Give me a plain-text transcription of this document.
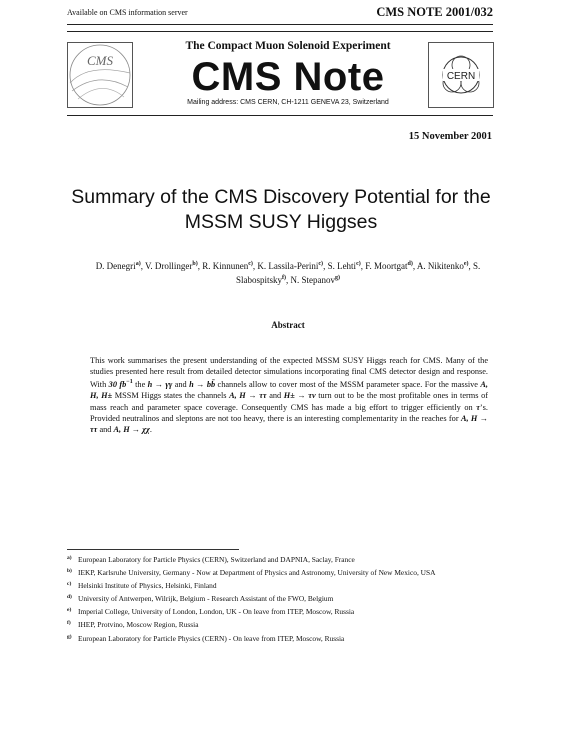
Available on CMS information server	CMS NOTE 2001/032
CMS
CERN
The Compact Muon Solenoid Experiment
CMS Note
Mailing address: CMS CERN, CH-1211 GENEVA 23, Switzerland
15 November 2001
Summary of the CMS Discovery Potential for the
MSSM SUSY Higgses
D. Denegri$^{a)}$, V. Drollinger$^{b)}$, R. Kinnunen$^{c)}$, K. Lassila-Perini$^{c)}$, S. Lehti$^{c)}$, F. Moortgat$^{d)}$, A. Nikitenko$^{e)}$, S. Slabospitsky$^{f)}$, N. Stepanov$^{g)}$
Abstract
This work summarises the present understanding of the expected MSSM SUSY Higgs reach for CMS. Many of the studies presented here result from detailed detector simulations incorporating final CMS detector design and response. With 30 $fb^{-1}$ the h → γγ and h → bb̄ channels allow to cover most of the MSSM parameter space. For the massive A, H, H± MSSM Higgs states the channels A, H → ττ and H± → τν turn out to be the most profitable ones in terms of mass reach and parameter space coverage. Consequently CMS has made a big effort to trigger efficiently on τ’s. Provided neutralinos and sleptons are not too heavy, there is an interesting complementarity in the reaches for A, H → ττ and A, H → χχ.
$^{a)}$ European Laboratory for Particle Physics (CERN), Switzerland and DAPNIA, Saclay, France
$^{b)}$ IEKP, Karlsruhe University, Germany - Now at Department of Physics and Astronomy, University of New Mexico, USA
$^{c)}$ Helsinki Institute of Physics, Helsinki, Finland
$^{d)}$ University of Antwerpen, Wilrijk, Belgium - Research Assistant of the FWO, Belgium
$^{e)}$ Imperial College, University of London, London, UK - On leave from ITEP, Moscow, Russia
$^{f)}$ IHEP, Protvino, Moscow Region, Russia
$^{g)}$ European Laboratory for Particle Physics (CERN) - On leave from ITEP, Moscow, Russia
